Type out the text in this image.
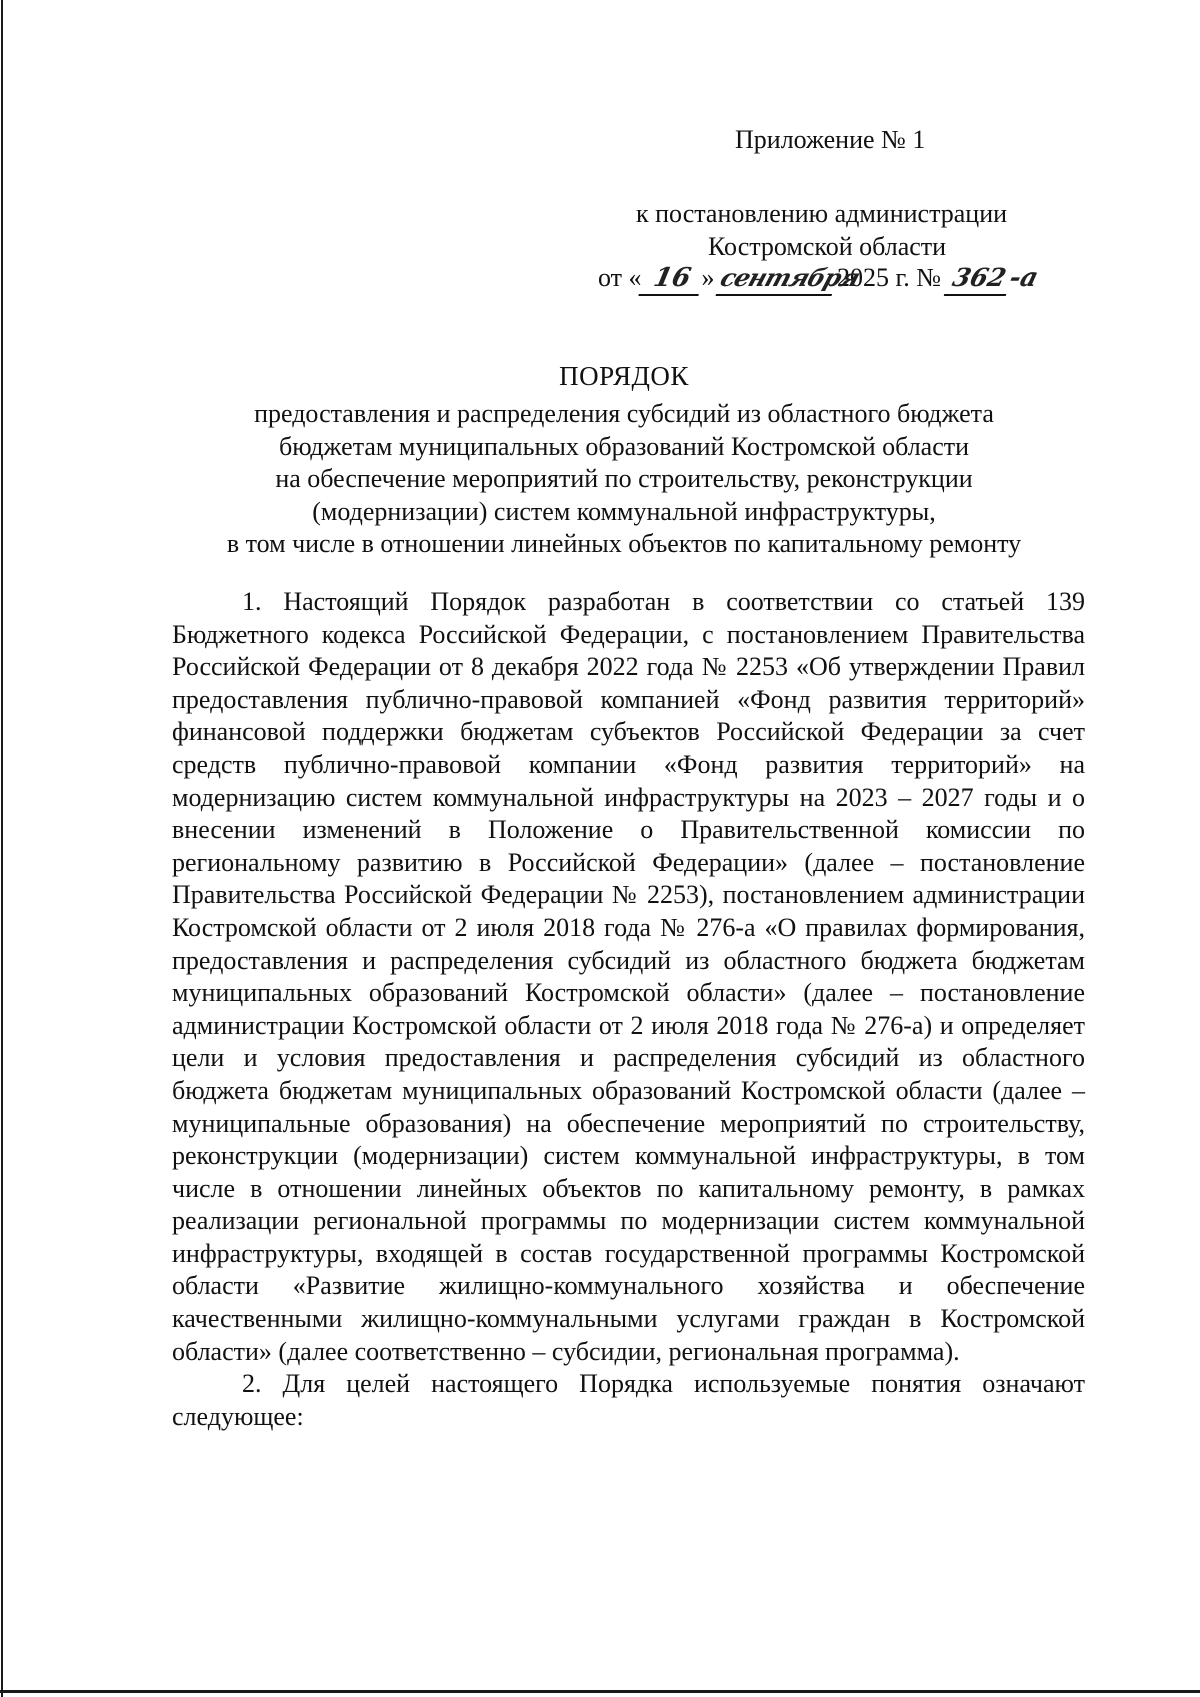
Приложение № 1
к постановлению администрации
Костромской области
от « 16 » сентября2025 г. № 362-а
ПОРЯДОК
предоставления и распределения субсидий из областного бюджета
бюджетам муниципальных образований Костромской области
на обеспечение мероприятий по строительству, реконструкции
(модернизации) систем коммунальной инфраструктуры,
в том числе в отношении линейных объектов по капитальному ремонту

1. Настоящий Порядок разработан в соответствии со статьей 139 Бюджетного кодекса Российской Федерации, с постановлением Правительства Российской Федерации от 8 декабря 2022 года № 2253 «Об утверждении Правил предоставления публично-правовой компанией «Фонд развития территорий» финансовой поддержки бюджетам субъектов Российской Федерации за счет средств публично-правовой компании «Фонд развития территорий» на модернизацию систем коммунальной инфраструктуры на 2023 – 2027 годы и о внесении изменений в Положение о Правительственной комиссии по региональному развитию в Российской Федерации» (далее – постановление Правительства Российской Федерации № 2253), постановлением администрации Костромской области от 2 июля 2018 года № 276-а «О правилах формирования, предоставления и распределения субсидий из областного бюджета бюджетам муниципальных образований Костромской области» (далее – постановление администрации Костромской области от 2 июля 2018 года № 276-а) и определяет цели и условия предоставления и распределения субсидий из областного бюджета бюджетам муниципальных образований Костромской области (далее – муниципальные образования) на обеспечение мероприятий по строительству, реконструкции (модернизации) систем коммунальной инфраструктуры, в том числе в отношении линейных объектов по капитальному ремонту, в рамках реализации региональной программы по модернизации систем коммунальной инфраструктуры, входящей в состав государственной программы Костромской области «Развитие жилищно-коммунального хозяйства и обеспечение качественными жилищно-коммунальными услугами граждан в Костромской области» (далее соответственно – субсидии, региональная программа).

2. Для целей настоящего Порядка используемые понятия означают следующее:
